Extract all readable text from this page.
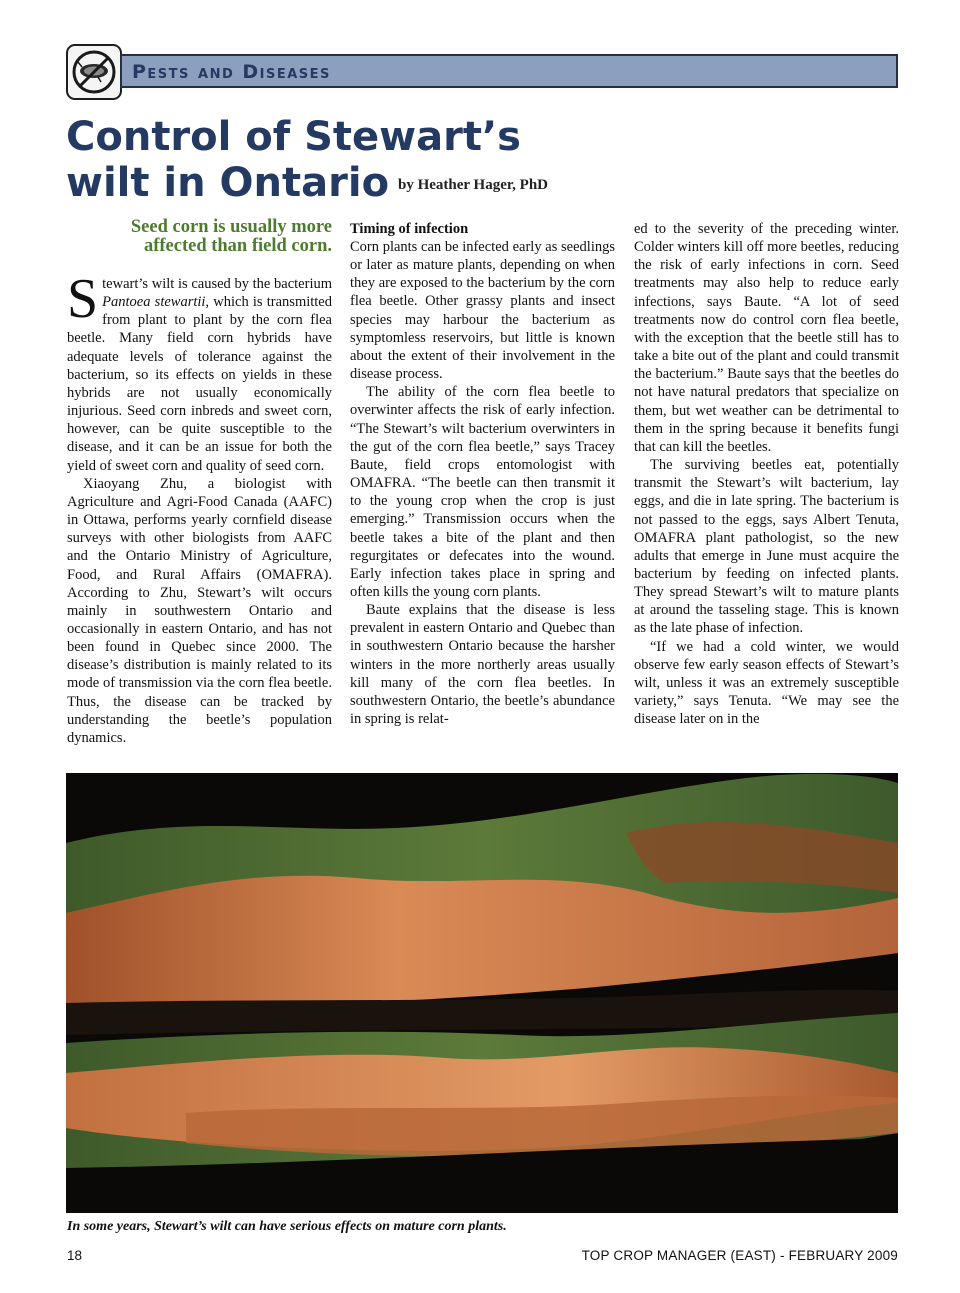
Pests and Diseases
Control of Stewart’s
wilt in Ontario by Heather Hager, PhD
Seed corn is usually more affected than field corn.

Stewart’s wilt is caused by the bacterium Pantoea stewartii, which is transmitted from plant to plant by the corn flea beetle. Many field corn hybrids have adequate levels of tolerance against the bacterium, so its effects on yields in these hybrids are not usually economically injurious. Seed corn inbreds and sweet corn, however, can be quite susceptible to the disease, and it can be an issue for both the yield of sweet corn and quality of seed corn.

Xiaoyang Zhu, a biologist with Agriculture and Agri-Food Canada (AAFC) in Ottawa, performs yearly cornfield disease surveys with other biologists from AAFC and the Ontario Ministry of Agriculture, Food, and Rural Affairs (OMAFRA). According to Zhu, Stewart’s wilt occurs mainly in southwestern Ontario and occasionally in eastern Ontario, and has not been found in Quebec since 2000. The disease’s distribution is mainly related to its mode of transmission via the corn flea beetle. Thus, the disease can be tracked by understanding the beetle’s population dynamics.

Timing of infection

Corn plants can be infected early as seedlings or later as mature plants, depending on when they are exposed to the bacterium by the corn flea beetle. Other grassy plants and insect species may harbour the bacterium as symptomless reservoirs, but little is known about the extent of their involvement in the disease process.

The ability of the corn flea beetle to overwinter affects the risk of early infection. “The Stewart’s wilt bacterium overwinters in the gut of the corn flea beetle,” says Tracey Baute, field crops entomologist with OMAFRA. “The beetle can then transmit it to the young crop when the crop is just emerging.” Transmission occurs when the beetle takes a bite of the plant and then regurgitates or defecates into the wound. Early infection takes place in spring and often kills the young corn plants.

Baute explains that the disease is less prevalent in eastern Ontario and Quebec than in southwestern Ontario because the harsher winters in the more northerly areas usually kill many of the corn flea beetles. In southwestern Ontario, the beetle’s abundance in spring is relat-

ed to the severity of the preceding winter. Colder winters kill off more beetles, reducing the risk of early infections in corn. Seed treatments may also help to reduce early infections, says Baute. “A lot of seed treatments now do control corn flea beetle, with the exception that the beetle still has to take a bite out of the plant and could transmit the bacterium.” Baute says that the beetles do not have natural predators that specialize on them, but wet weather can be detrimental to them in the spring because it benefits fungi that can kill the beetles.

The surviving beetles eat, potentially transmit the Stewart’s wilt bacterium, lay eggs, and die in late spring. The bacterium is not passed to the eggs, says Albert Tenuta, OMAFRA plant pathologist, so the new adults that emerge in June must acquire the bacterium by feeding on infected plants. They spread Stewart’s wilt to mature plants at around the tasseling stage. This is known as the late phase of infection.

“If we had a cold winter, we would observe few early season effects of Stewart’s wilt, unless it was an extremely susceptible variety,” says Tenuta. “We may see the disease later on in the

In some years, Stewart’s wilt can have serious effects on mature corn plants.
18	TOP CROP MANAGER (EAST) - FEBRUARY 2009
